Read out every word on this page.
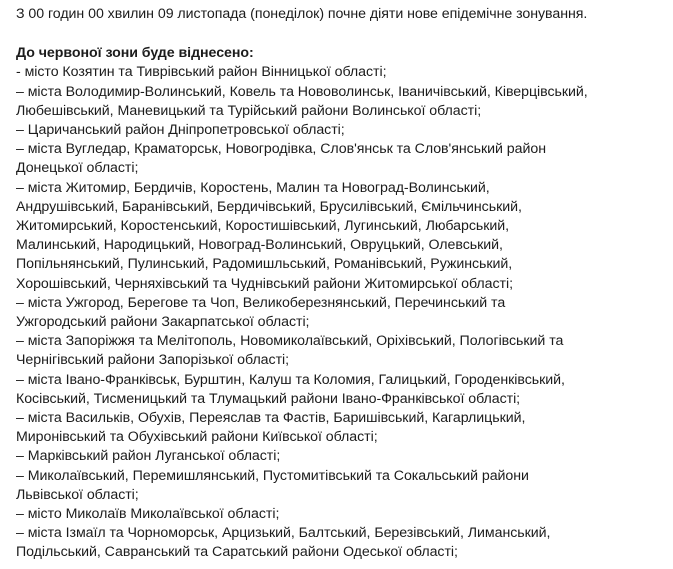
З 00 годин 00 хвилин 09 листопада (понеділок) почне діяти нове епідемічне зонування.

До червоної зони буде віднесено:

- місто Козятин та Тиврівський район Вінницької області;
– міста Володимир-Волинський, Ковель та Нововолинськ, Іваничівський, Ківерцівський,
Любешівський, Маневицький та Турійський райони Волинської області;
– Царичанський район Дніпропетровської області;
– міста Вугледар, Краматорськ, Новогродівка, Слов'янськ та Слов'янський район
Донецької області;
– міста Житомир, Бердичів, Коростень, Малин та Новоград-Волинський,
Андрушівський, Баранівський, Бердичівський, Брусилівський, Ємільчинський,
Житомирський, Коростенський, Коростишівський, Лугинський, Любарський,
Малинський, Народицький, Новоград-Волинський, Овруцький, Олевський,
Попільнянський, Пулинський, Радомишльський, Романівський, Ружинський,
Хорошівський, Черняхівський та Чуднівський райони Житомирської області;
– міста Ужгород, Берегове та Чоп, Великоберезнянський, Перечинський та
Ужгородський райони Закарпатської області;
– міста Запоріжжя та Мелітополь, Новомиколаївський, Оріхівський, Пологівський та
Чернігівський райони Запорізької області;
– міста Івано-Франківськ, Бурштин, Калуш та Коломия, Галицький, Городенківський,
Косівський, Тисменицький та Тлумацький райони Івано-Франківської області;
– міста Васильків, Обухів, Переяслав та Фастів, Баришівський, Кагарлицький,
Миронівський та Обухівський райони Київської області;
– Марківський район Луганської області;
– Миколаївський, Перемишлянський, Пустомитівський та Сокальський райони
Львівської області;
– місто Миколаїв Миколаївської області;
– міста Ізмаїл та Чорноморськ, Арцизький, Балтський, Березівський, Лиманський,
Подільський, Савранський та Саратський райони Одеської області;
